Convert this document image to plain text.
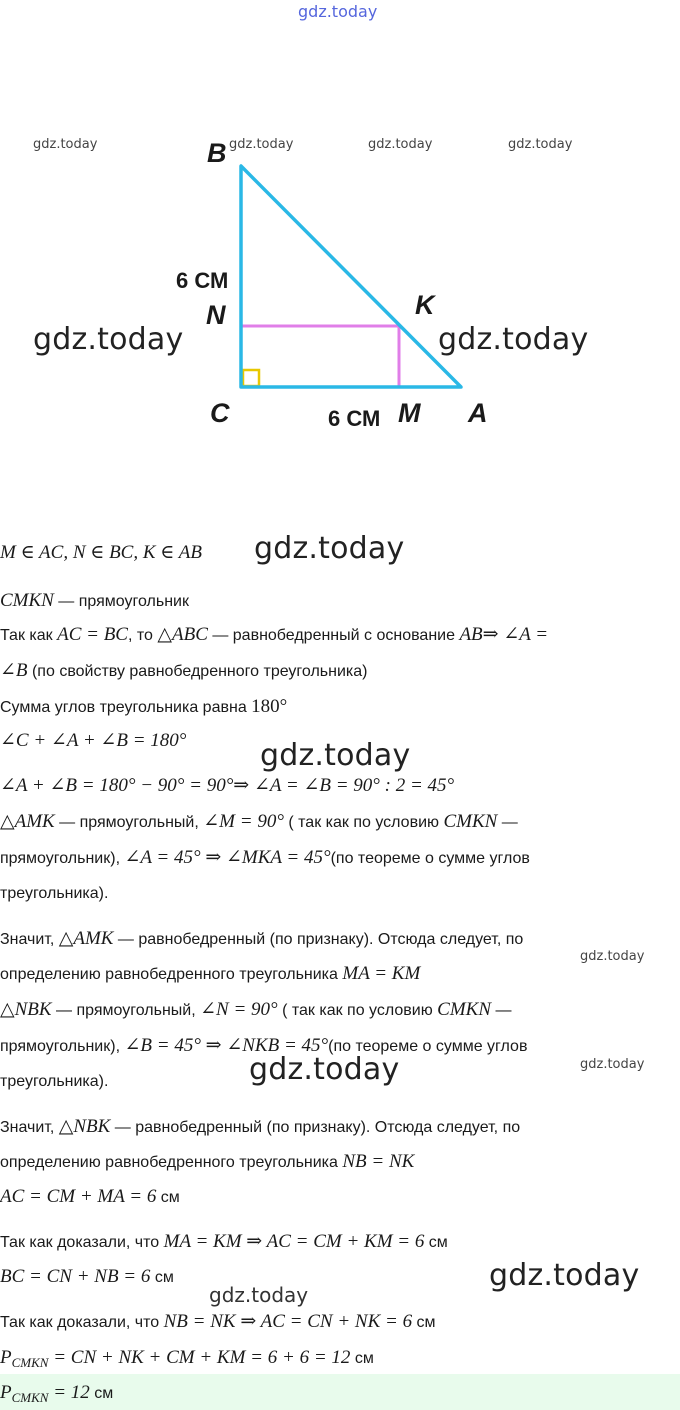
gdz.today
gdz.today	gdz.today	gdz.today	gdz.today
B
C	A
N	K
M
6 СМ
6 СМ
gdz.today	gdz.today
M ∈ AC, N ∈ BC, K ∈ AB gdz.today
CMKN — прямоугольник
Так как AC = BC, то △ABC — равнобедренный с основание AB⇒ ∠A =
∠B (по свойству равнобедренного треугольника)
Сумма углов треугольника равна 180°
∠C + ∠A + ∠B = 180° gdz.today
∠A + ∠B = 180° − 90° = 90°⇒ ∠A = ∠B = 90° : 2 = 45°
△AMK — прямоугольный, ∠M = 90° ( так как по условию CMKN —
прямоугольник), ∠A = 45° ⇒ ∠MKA = 45°(по теореме о сумме углов
треугольника).
Значит, △AMK — равнобедренный (по признаку). Отсюда следует, по
gdz.today
определению равнобедренного треугольника MA = KM
△NBK — прямоугольный, ∠N = 90° ( так как по условию CMKN —
прямоугольник), ∠B = 45° ⇒ ∠NKB = 45°(по теореме о сумме углов
gdz.today
треугольника).	gdz.today
Значит, △NBK — равнобедренный (по признаку). Отсюда следует, по
определению равнобедренного треугольника NB = NK
AC = CM + MA = 6 см
Так как доказали, что MA = KM ⇒ AC = CM + KM = 6 см
BC = CN + NB = 6 см	gdz.today
gdz.today
Так как доказали, что NB = NK ⇒ AC = CN + NK = 6 см
$P_{CMKN}$ = CN + NK + CM + KM = 6 + 6 = 12 см
$P_{CMKN} = 12$ см
